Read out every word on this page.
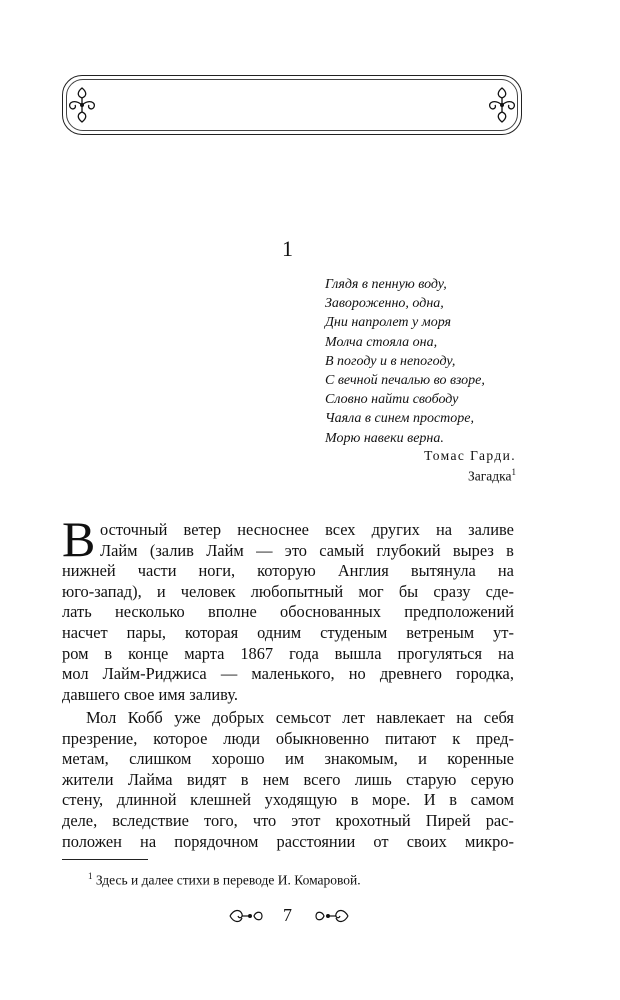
1
Глядя в пенную воду,
Завороженно, одна,
Дни напролет у моря
Молча стояла она,
В погоду и в непогоду,
С вечной печалью во взоре,
Словно найти свободу
Чаяла в синем просторе,
Морю навеки верна.
Томас Гарди.
Загадка$^1$
В осточный ветер несноснее всех других на заливе
Лайм (залив Лайм — это самый глубокий вырез в
нижней части ноги, которую Англия вытянула на
юго-запад), и человек любопытный мог бы сразу сде-
лать несколько вполне обоснованных предположений
насчет пары, которая одним студеным ветреным ут-
ром в конце марта 1867 года вышла прогуляться на
мол Лайм-Риджиса — маленького, но древнего городка,
давшего свое имя заливу.
Мол Кобб уже добрых семьсот лет навлекает на себя
презрение, которое люди обыкновенно питают к пред-
метам, слишком хорошо им знакомым, и коренные
жители Лайма видят в нем всего лишь старую серую
стену, длинной клешней уходящую в море. И в самом
деле, вследствие того, что этот крохотный Пирей рас-
положен на порядочном расстоянии от своих микро-
$^1$ Здесь и далее стихи в переводе И. Комаровой.
7
